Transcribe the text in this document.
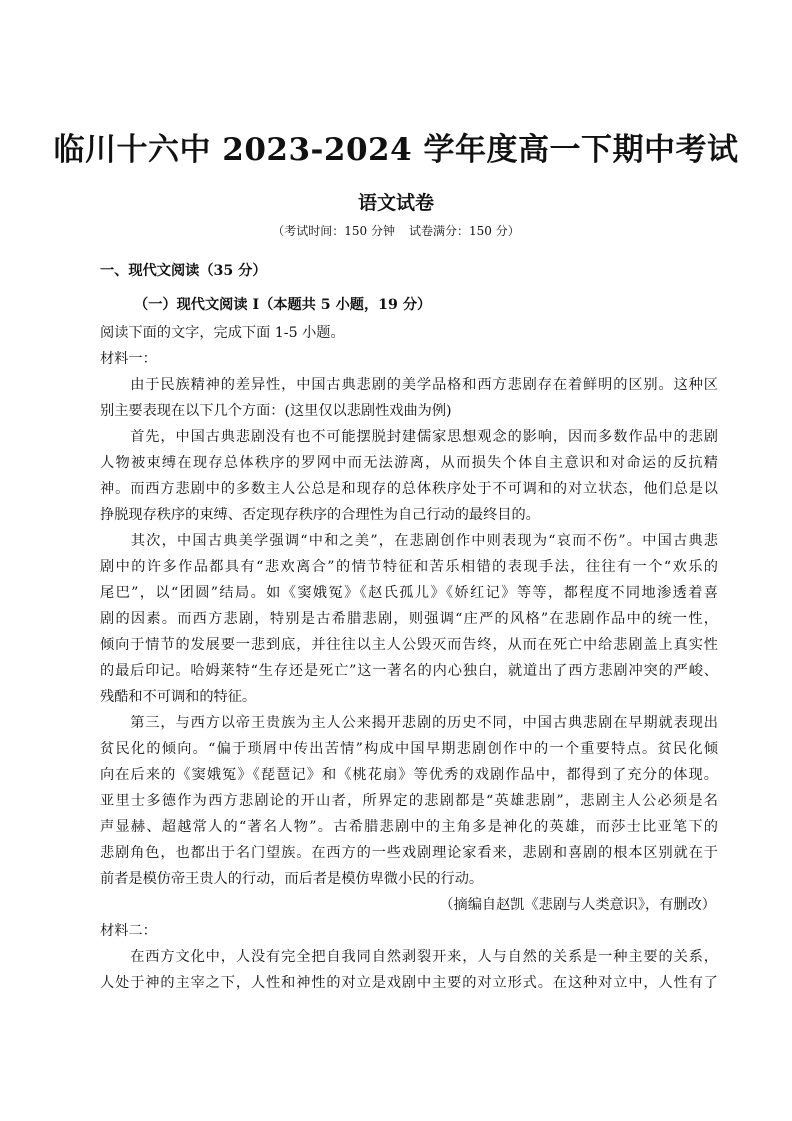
临川十六中 2023-2024 学年度高一下期中考试
语文试卷
（考试时间：150 分钟 试卷满分：150 分）
一、现代文阅读（35 分）
（一）现代文阅读 I（本题共 5 小题，19 分）
阅读下面的文字，完成下面 1-5 小题。
材料一：
　　由于民族精神的差异性，中国古典悲剧的美学品格和西方悲剧存在着鲜明的区别。这种区
别主要表现在以下几个方面：(这里仅以悲剧性戏曲为例)
　　首先，中国古典悲剧没有也不可能摆脱封建儒家思想观念的影响，因而多数作品中的悲剧
人物被束缚在现存总体秩序的罗网中而无法游离，从而损失个体自主意识和对命运的反抗精
神。而西方悲剧中的多数主人公总是和现存的总体秩序处于不可调和的对立状态，他们总是以
挣脱现存秩序的束缚、否定现存秩序的合理性为自己行动的最终目的。
　　其次，中国古典美学强调“中和之美”，在悲剧创作中则表现为“哀而不伤”。中国古典悲
剧中的许多作品都具有“悲欢离合”的情节特征和苦乐相错的表现手法，往往有一个“欢乐的
尾巴”，以“团圆”结局。如《窦娥冤》《赵氏孤儿》《娇红记》等等，都程度不同地渗透着喜
剧的因素。而西方悲剧，特别是古希腊悲剧，则强调“庄严的风格”在悲剧作品中的统一性，
倾向于情节的发展要一悲到底，并往往以主人公毁灭而告终，从而在死亡中给悲剧盖上真实性
的最后印记。哈姆莱特“生存还是死亡”这一著名的内心独白，就道出了西方悲剧冲突的严峻、
残酷和不可调和的特征。
　　第三，与西方以帝王贵族为主人公来揭开悲剧的历史不同，中国古典悲剧在早期就表现出
贫民化的倾向。“偏于琐屑中传出苦情”构成中国早期悲剧创作中的一个重要特点。贫民化倾
向在后来的《窦娥冤》《琵琶记》和《桃花扇》等优秀的戏剧作品中，都得到了充分的体现。
亚里士多德作为西方悲剧论的开山者，所界定的悲剧都是“英雄悲剧”，悲剧主人公必须是名
声显赫、超越常人的“著名人物”。古希腊悲剧中的主角多是神化的英雄，而莎士比亚笔下的
悲剧角色，也都出于名门望族。在西方的一些戏剧理论家看来，悲剧和喜剧的根本区别就在于
前者是模仿帝王贵人的行动，而后者是模仿卑微小民的行动。
（摘编自赵凯《悲剧与人类意识》，有删改）
材料二：
　　在西方文化中，人没有完全把自我同自然剥裂开来，人与自然的关系是一种主要的关系，
人处于神的主宰之下，人性和神性的对立是戏剧中主要的对立形式。在这种对立中，人性有了
